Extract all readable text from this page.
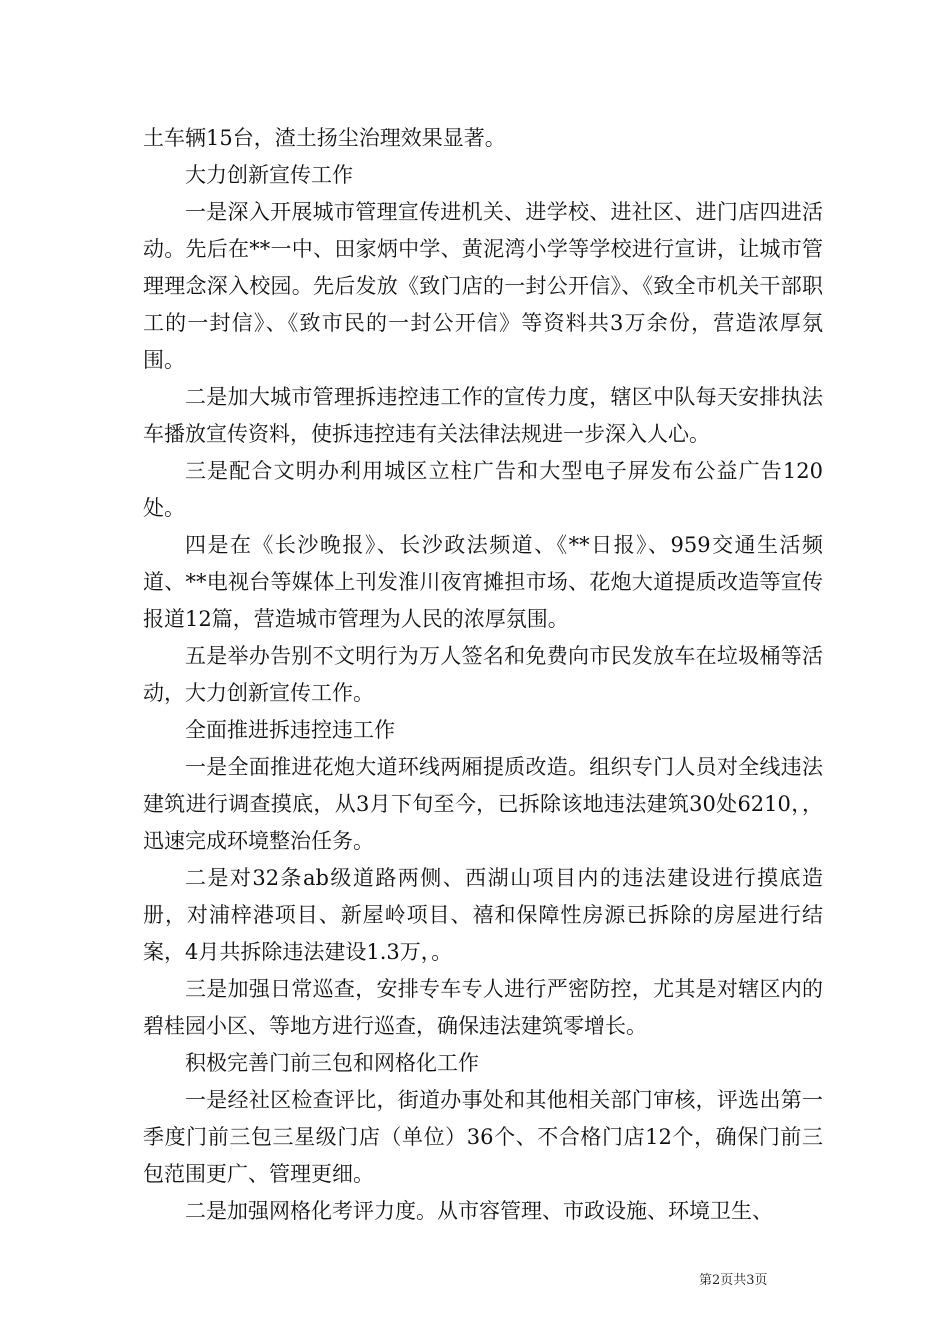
土车辆15台，渣土扬尘治理效果显著。

大力创新宣传工作

一是深入开展城市管理宣传进机关、进学校、进社区、进门店四进活动。先后在**一中、田家炳中学、黄泥湾小学等学校进行宣讲，让城市管理理念深入校园。先后发放《致门店的一封公开信》、《致全市机关干部职工的一封信》、《致市民的一封公开信》等资料共3万余份，营造浓厚氛围。

二是加大城市管理拆违控违工作的宣传力度，辖区中队每天安排执法车播放宣传资料，使拆违控违有关法律法规进一步深入人心。

三是配合文明办利用城区立柱广告和大型电子屏发布公益广告120处。

四是在《长沙晚报》、长沙政法频道、《**日报》、959交通生活频道、**电视台等媒体上刊发淮川夜宵摊担市场、花炮大道提质改造等宣传报道12篇，营造城市管理为人民的浓厚氛围。

五是举办告别不文明行为万人签名和免费向市民发放车在垃圾桶等活动，大力创新宣传工作。

全面推进拆违控违工作

一是全面推进花炮大道环线两厢提质改造。组织专门人员对全线违法建筑进行调查摸底，从3月下旬至今，已拆除该地违法建筑30处6210，，迅速完成环境整治任务。

二是对32条ab级道路两侧、西湖山项目内的违法建设进行摸底造册，对浦梓港项目、新屋岭项目、禧和保障性房源已拆除的房屋进行结案，4月共拆除违法建设1.3万，。

三是加强日常巡查，安排专车专人进行严密防控，尤其是对辖区内的碧桂园小区、等地方进行巡查，确保违法建筑零增长。

积极完善门前三包和网格化工作

一是经社区检查评比，街道办事处和其他相关部门审核，评选出第一季度门前三包三星级门店（单位）36个、不合格门店12个，确保门前三包范围更广、管理更细。

二是加强网格化考评力度。从市容管理、市政设施、环境卫生、

第2页共3页
